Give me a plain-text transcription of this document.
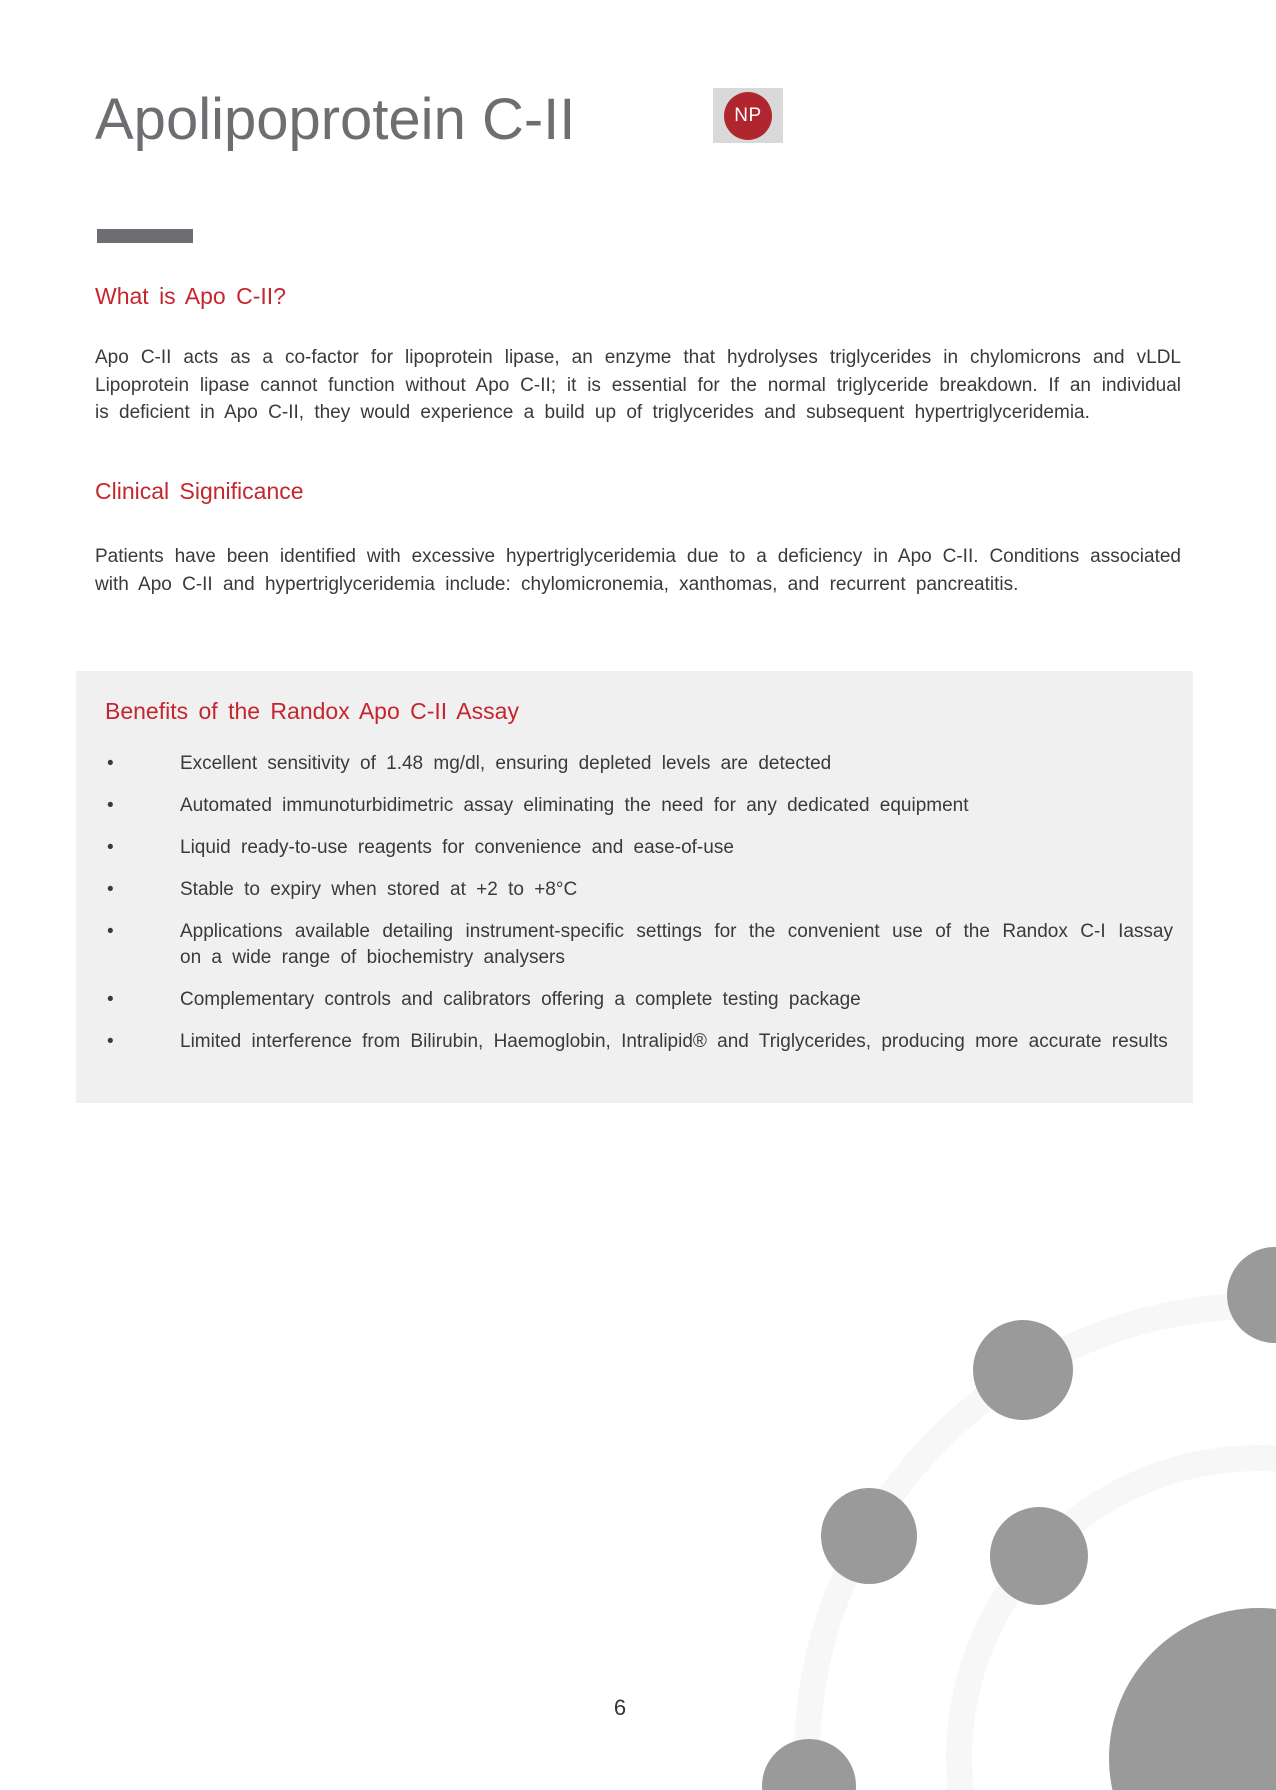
Apolipoprotein C-II	NP
What is Apo C-II?

Apo C-II acts as a co-factor for lipoprotein lipase, an enzyme that hydrolyses triglycerides in chylomicrons and vLDL Lipoprotein lipase cannot function without Apo C-II; it is essential for the normal triglyceride breakdown. If an individual is deficient in Apo C-II, they would experience a build up of triglycerides and subsequent hypertriglyceridemia.

Clinical Significance

Patients have been identified with excessive hypertriglyceridemia due to a deficiency in Apo C-II. Conditions associated with Apo C-II and hypertriglyceridemia include: chylomicronemia, xanthomas, and recurrent pancreatitis.

Benefits of the Randox Apo C-II Assay
•	Excellent sensitivity of 1.48 mg/dl, ensuring depleted levels are detected
•	Automated immunoturbidimetric assay eliminating the need for any dedicated equipment
•	Liquid ready-to-use reagents for convenience and ease-of-use
•	Stable to expiry when stored at +2 to +8°C
•	Applications available detailing instrument-specific settings for the convenient use of the Randox C-I Iassay on a wide range of biochemistry analysers
•	Complementary controls and calibrators offering a complete testing package
•	Limited interference from Bilirubin, Haemoglobin, Intralipid® and Triglycerides, producing more accurate results
6
